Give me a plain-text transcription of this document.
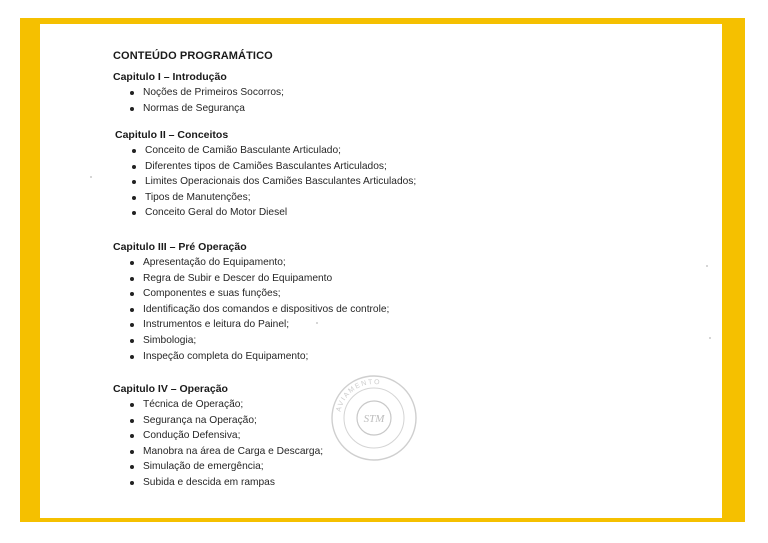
CONTEÚDO PROGRAMÁTICO
Capitulo I – Introdução
Noções de Primeiros Socorros;
Normas de Segurança
Capitulo II – Conceitos
Conceito de Camião Basculante Articulado;
Diferentes tipos de Camiões Basculantes Articulados;
Limites Operacionais dos Camiões Basculantes Articulados;
Tipos de Manutenções;
Conceito Geral do Motor Diesel
Capitulo III – Pré Operação
Apresentação do Equipamento;
Regra de Subir e Descer do Equipamento
Componentes e suas funções;
Identificação dos comandos e dispositivos de controle;
Instrumentos e leitura do Painel;
Simbologia;
Inspeção completa do Equipamento;
Capitulo IV – Operação
Técnica de Operação;
Segurança na Operação;
Condução Defensiva;
Manobra na área de Carga e Descarga;
Simulação de emergência;
Subida e descida em rampas
STM
AVIAMENTO
